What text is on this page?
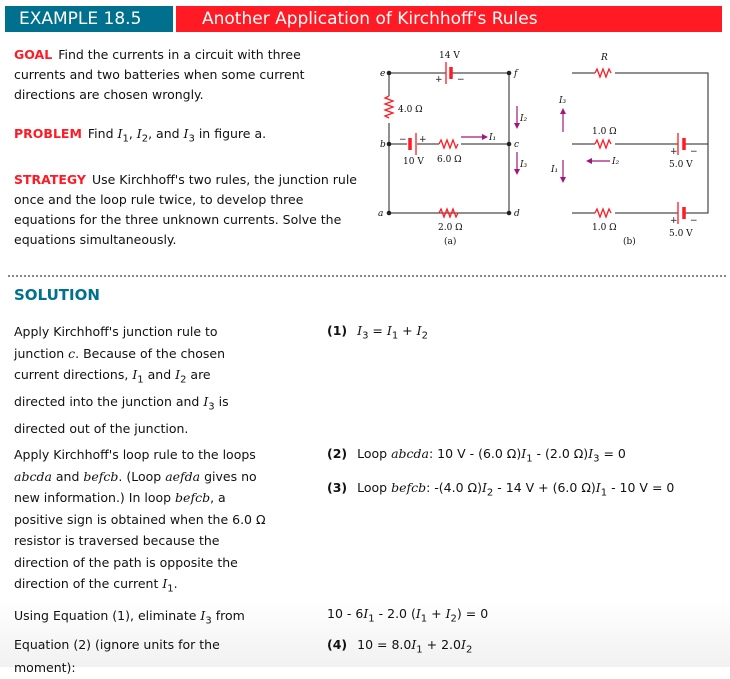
EXAMPLE 18.5	Another Application of Kirchhoff's Rules
GOAL Find the currents in a circuit with three currents and two batteries when some current directions are chosen wrongly.
PROBLEM Find $I_1$, $I_2$, and $I_3$ in figure a.
STRATEGY Use Kirchhoff's two rules, the junction rule once and the loop rule twice, to develop three equations for the three unknown currents. Solve the equations simultaneously.
e	f
b	c
a	d
14 V
+ −
4.0 Ω
− +
10 V 6.0 Ω
I₁
I₂
I₃
2.0 Ω
(a)
R
1.0 Ω
+ −
5.0 V
1.0 Ω
+ −
5.0 V
I₁
I₂
I₃
(b)
SOLUTION
Apply Kirchhoff's junction rule to junction c. Because of the chosen current directions, $I_1$ and $I_2$ are directed into the junction and $I_3$ is directed out of the junction.
(1) $I_3 = I_1 + I_2$
Apply Kirchhoff's loop rule to the loops abcda and befcb. (Loop aefda gives no new information.) In loop befcb, a positive sign is obtained when the 6.0 Ω resistor is traversed because the direction of the path is opposite the direction of the current $I_1$.
(2) Loop abcda: 10 V - (6.0 $\Omega)I_1 - (2.0$ $\Omega)I_3 = 0$
(3) Loop befcb: -(4.0 $\Omega)I_2 - 14$ V + (6.0 $\Omega)I_1 - 10$ V = 0
Using Equation (1), eliminate $I_3$ from Equation (2) (ignore units for the moment):
$10 - 6I_1 - 2.0$ $(I_1 + I_2) = 0$
(4) $10 = 8.0I_1 + 2.0I_2$
